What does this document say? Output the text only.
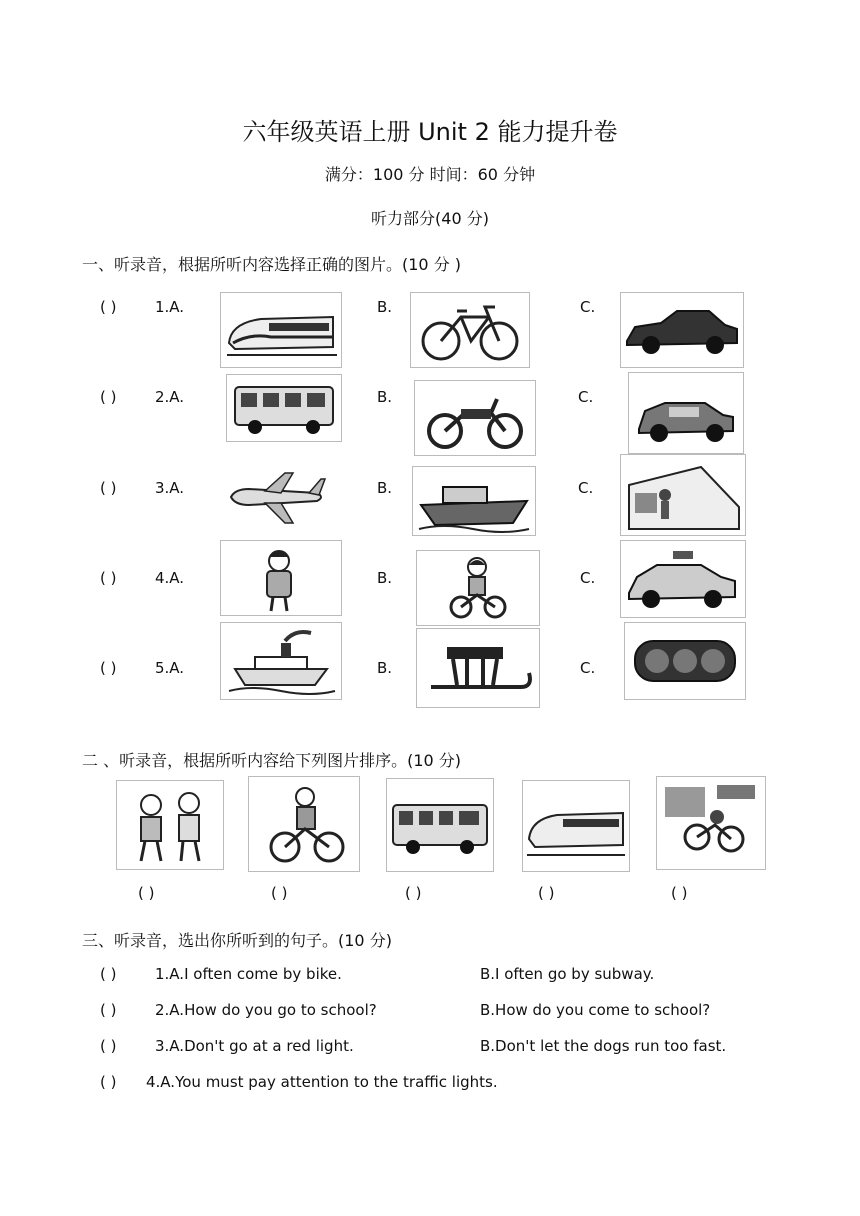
六年级英语上册 Unit 2 能力提升卷
满分：100 分 时间：60 分钟
听力部分(40 分)
一、听录音，根据所听内容选择正确的图片。(10 分 )
( )	1.A.	B.	C.
( )	2.A.	B.	C.
( )	3.A.	B.	C.
( )	4.A.	B.	C.
( )	5.A.	B.	C.
二 、听录音，根据所听内容给下列图片排序。(10 分)
( )	( )	( )	( )	( )
三、听录音，选出你所听到的句子。(10 分)
( )	1.A.I often come by bike.	B.I often go by subway.
( )	2.A.How do you go to school?	B.How do you come to school?
( )	3.A.Don't go at a red light.	B.Don't let the dogs run too fast.
( ) 4.A.You must pay attention to the traffic lights.
